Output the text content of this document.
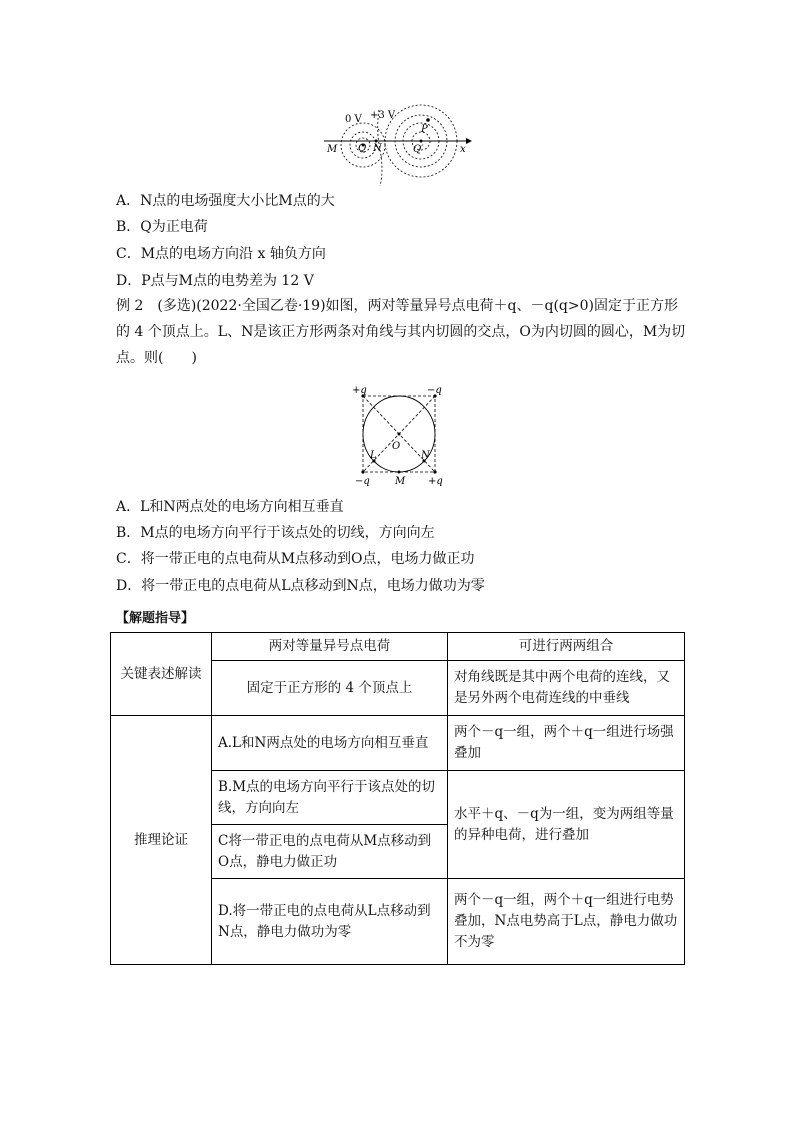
0 V +3 V
M Q N
P
Q′	x
A．N点的电场强度大小比M点的大
B．Q为正电荷
C．M点的电场方向沿 x 轴负方向
D．P点与M点的电势差为 12 V
例 2　(多选)(2022·全国乙卷·19)如图，两对等量异号点电荷＋q、－q(q>0)固定于正方形的 4 个顶点上。L、N是该正方形两条对角线与其内切圆的交点，O为内切圆的圆心，M为切点。则(　　)
+q	−q
−q	+q
O
L	N
M
A．L和N两点处的电场方向相互垂直
B．M点的电场方向平行于该点处的切线，方向向左
C．将一带正电的点电荷从M点移动到O点，电场力做正功
D．将一带正电的点电荷从L点移动到N点，电场力做功为零
【解题指导】
关键表述解读	两对等量异号点电荷	可进行两两组合
	固定于正方形的 4 个顶点上	对角线既是其中两个电荷的连线，又是另外两个电荷连线的中垂线
推理论证	A.L和N两点处的电场方向相互垂直	两个－q一组，两个＋q一组进行场强叠加
	B.M点的电场方向平行于该点处的切线，方向向左	水平＋q、－q为一组，变为两组等量的异种电荷，进行叠加
	C将一带正电的点电荷从M点移动到O点，静电力做正功	
	D.将一带正电的点电荷从L点移动到N点，静电力做功为零	两个－q一组，两个＋q一组进行电势叠加，N点电势高于L点，静电力做功不为零
